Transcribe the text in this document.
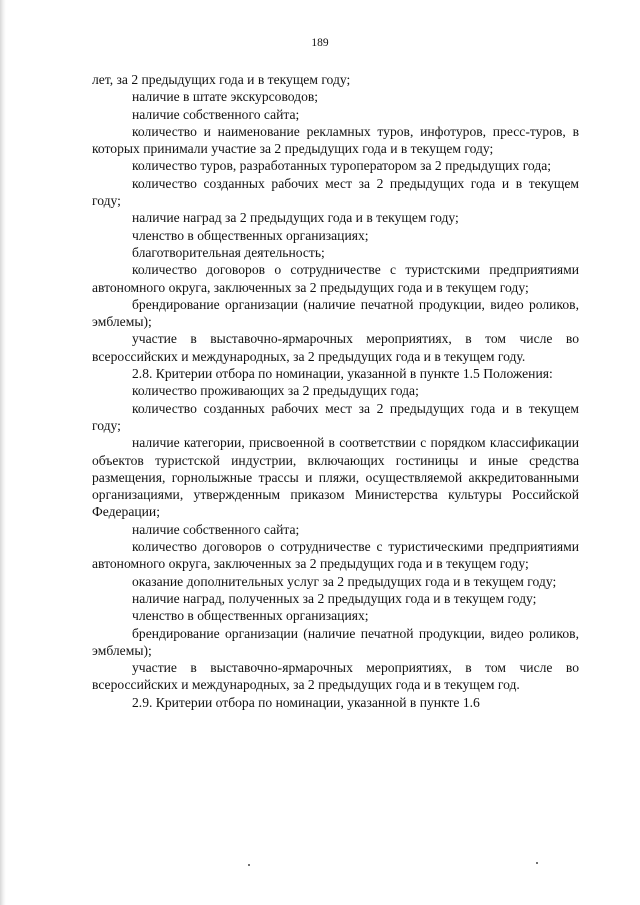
189

лет, за 2 предыдущих года и в текущем году;

наличие в штате экскурсоводов;

наличие собственного сайта;

количество и наименование рекламных туров, инфотуров, пресс-туров, в которых принимали участие за 2 предыдущих года и в текущем году;

количество туров, разработанных туроператором за 2 предыдущих года;

количество созданных рабочих мест за 2 предыдущих года и в текущем году;

наличие наград за 2 предыдущих года и в текущем году;

членство в общественных организациях;

благотворительная деятельность;

количество договоров о сотрудничестве с туристскими предприятиями автономного округа, заключенных за 2 предыдущих года и в текущем году;

брендирование организации (наличие печатной продукции, видео роликов, эмблемы);

участие в выставочно-ярмарочных мероприятиях, в том числе во всероссийских и международных, за 2 предыдущих года и в текущем году.

2.8. Критерии отбора по номинации, указанной в пункте 1.5 Положения:

количество проживающих за 2 предыдущих года;

количество созданных рабочих мест за 2 предыдущих года и в текущем году;

наличие категории, присвоенной в соответствии с порядком классификации объектов туристской индустрии, включающих гостиницы и иные средства размещения, горнолыжные трассы и пляжи, осуществляемой аккредитованными организациями, утвержденным приказом Министерства культуры Российской Федерации;

наличие собственного сайта;

количество договоров о сотрудничестве с туристическими предприятиями автономного округа, заключенных за 2 предыдущих года и в текущем году;

оказание дополнительных услуг за 2 предыдущих года и в текущем году;

наличие наград, полученных за 2 предыдущих года и в текущем году;

членство в общественных организациях;

брендирование организации (наличие печатной продукции, видео роликов, эмблемы);

участие в выставочно-ярмарочных мероприятиях, в том числе во всероссийских и международных, за 2 предыдущих года и в текущем год.

2.9. Критерии отбора по номинации, указанной в пункте 1.6
